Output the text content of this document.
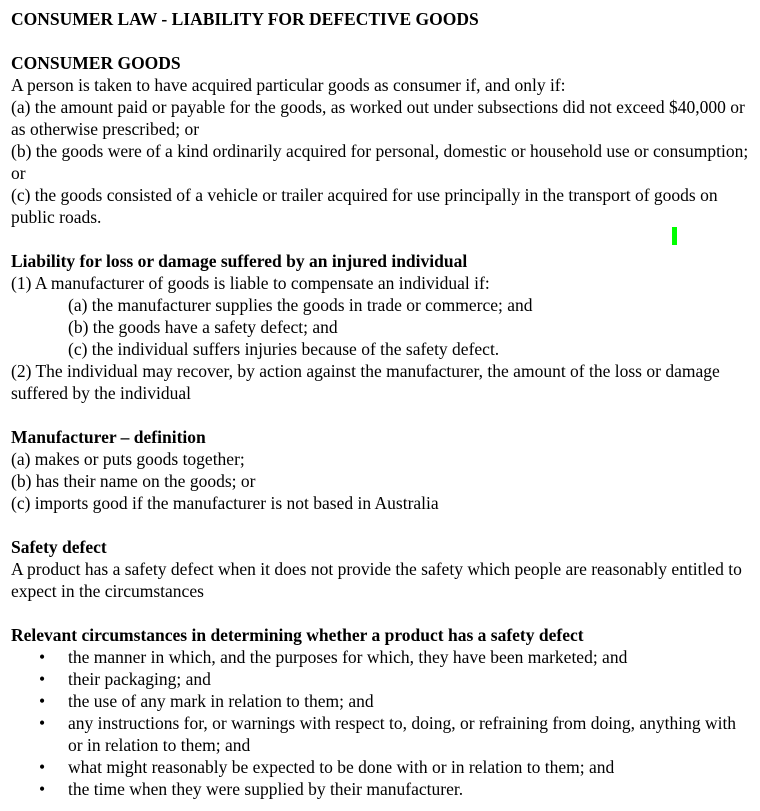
CONSUMER LAW - LIABILITY FOR DEFECTIVE GOODS
CONSUMER GOODS

A person is taken to have acquired particular goods as consumer if, and only if:

(a) the amount paid or payable for the goods, as worked out under subsections did not exceed $40,000 or as otherwise prescribed; or

(b) the goods were of a kind ordinarily acquired for personal, domestic or household use or consumption; or

(c) the goods consisted of a vehicle or trailer acquired for use principally in the transport of goods on public roads.

Liability for loss or damage suffered by an injured individual

(1) A manufacturer of goods is liable to compensate an individual if:

(a) the manufacturer supplies the goods in trade or commerce; and

(b) the goods have a safety defect; and

(c) the individual suffers injuries because of the safety defect.

(2) The individual may recover, by action against the manufacturer, the amount of the loss or damage suffered by the individual

Manufacturer – definition

(a) makes or puts goods together;

(b) has their name on the goods; or

(c) imports good if the manufacturer is not based in Australia

Safety defect

A product has a safety defect when it does not provide the safety which people are reasonably entitled to expect in the circumstances

Relevant circumstances in determining whether a product has a safety defect
• the manner in which, and the purposes for which, they have been marketed; and
• their packaging; and
• the use of any mark in relation to them; and
• any instructions for, or warnings with respect to, doing, or refraining from doing, anything with or in relation to them; and
• what might reasonably be expected to be done with or in relation to them; and
• the time when they were supplied by their manufacturer.
